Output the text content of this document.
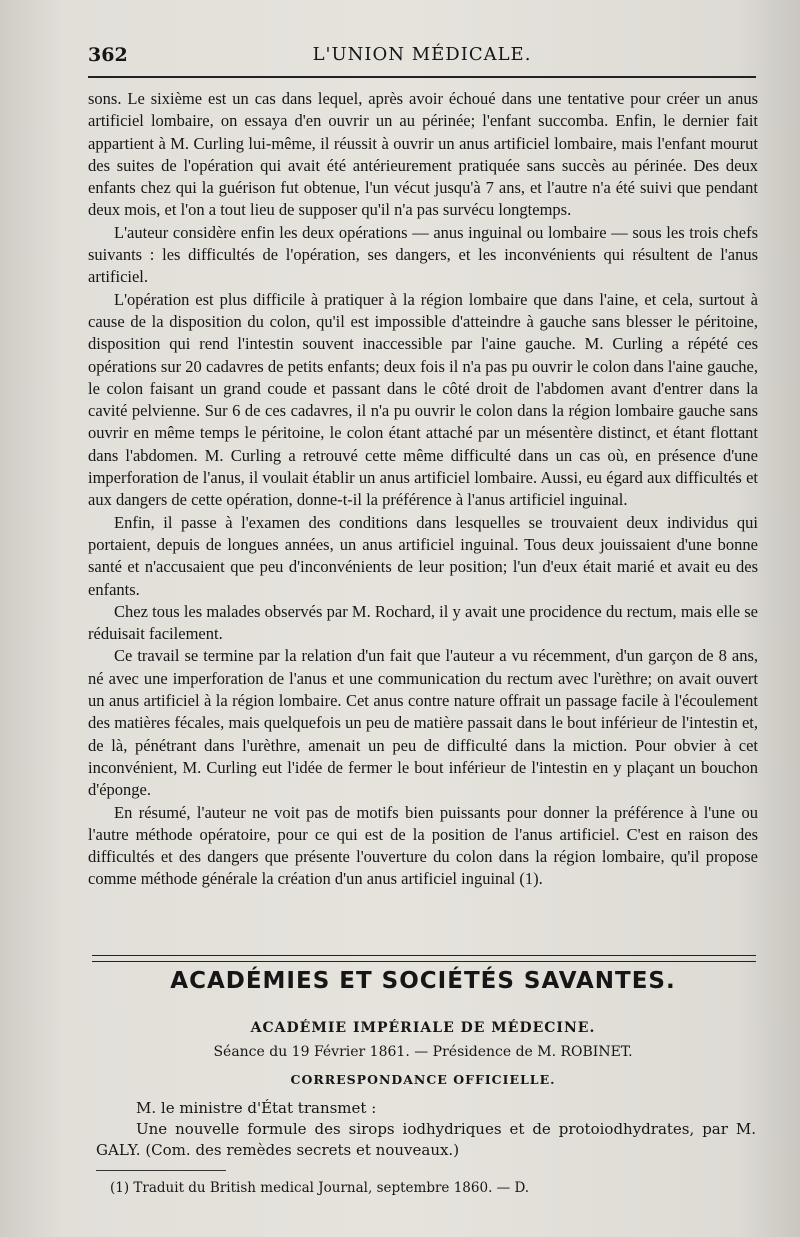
362	L'UNION MÉDICALE.

sons. Le sixième est un cas dans lequel, après avoir échoué dans une tentative pour créer un anus artificiel lombaire, on essaya d'en ouvrir un au périnée; l'enfant succomba. Enfin, le dernier fait appartient à M. Curling lui-même, il réussit à ouvrir un anus artificiel lombaire, mais l'enfant mourut des suites de l'opération qui avait été antérieurement pratiquée sans succès au périnée. Des deux enfants chez qui la guérison fut obtenue, l'un vécut jusqu'à 7 ans, et l'autre n'a été suivi que pendant deux mois, et l'on a tout lieu de supposer qu'il n'a pas survécu longtemps.

L'auteur considère enfin les deux opérations — anus inguinal ou lombaire — sous les trois chefs suivants : les difficultés de l'opération, ses dangers, et les inconvénients qui résultent de l'anus artificiel.

L'opération est plus difficile à pratiquer à la région lombaire que dans l'aine, et cela, surtout à cause de la disposition du colon, qu'il est impossible d'atteindre à gauche sans blesser le péritoine, disposition qui rend l'intestin souvent inaccessible par l'aine gauche. M. Curling a répété ces opérations sur 20 cadavres de petits enfants; deux fois il n'a pas pu ouvrir le colon dans l'aine gauche, le colon faisant un grand coude et passant dans le côté droit de l'abdomen avant d'entrer dans la cavité pelvienne. Sur 6 de ces cadavres, il n'a pu ouvrir le colon dans la région lombaire gauche sans ouvrir en même temps le péritoine, le colon étant attaché par un mésentère distinct, et étant flottant dans l'abdomen. M. Curling a retrouvé cette même difficulté dans un cas où, en présence d'une imperforation de l'anus, il voulait établir un anus artificiel lombaire. Aussi, eu égard aux difficultés et aux dangers de cette opération, donne-t-il la préférence à l'anus artificiel inguinal.

Enfin, il passe à l'examen des conditions dans lesquelles se trouvaient deux individus qui portaient, depuis de longues années, un anus artificiel inguinal. Tous deux jouissaient d'une bonne santé et n'accusaient que peu d'inconvénients de leur position; l'un d'eux était marié et avait eu des enfants.

Chez tous les malades observés par M. Rochard, il y avait une procidence du rectum, mais elle se réduisait facilement.

Ce travail se termine par la relation d'un fait que l'auteur a vu récemment, d'un garçon de 8 ans, né avec une imperforation de l'anus et une communication du rectum avec l'urèthre; on avait ouvert un anus artificiel à la région lombaire. Cet anus contre nature offrait un passage facile à l'écoulement des matières fécales, mais quelquefois un peu de matière passait dans le bout inférieur de l'intestin et, de là, pénétrant dans l'urèthre, amenait un peu de difficulté dans la miction. Pour obvier à cet inconvénient, M. Curling eut l'idée de fermer le bout inférieur de l'intestin en y plaçant un bouchon d'éponge.

En résumé, l'auteur ne voit pas de motifs bien puissants pour donner la préférence à l'une ou l'autre méthode opératoire, pour ce qui est de la position de l'anus artificiel. C'est en raison des difficultés et des dangers que présente l'ouverture du colon dans la région lombaire, qu'il propose comme méthode générale la création d'un anus artificiel inguinal (1).

ACADÉMIES ET SOCIÉTÉS SAVANTES.
ACADÉMIE IMPÉRIALE DE MÉDECINE.
Séance du 19 Février 1861. — Présidence de M. ROBINET.
CORRESPONDANCE OFFICIELLE.

M. le ministre d'État transmet :

Une nouvelle formule des sirops iodhydriques et de protoiodhydrates, par M. GALY. (Com. des remèdes secrets et nouveaux.)

(1) Traduit du British medical Journal, septembre 1860. — D.
